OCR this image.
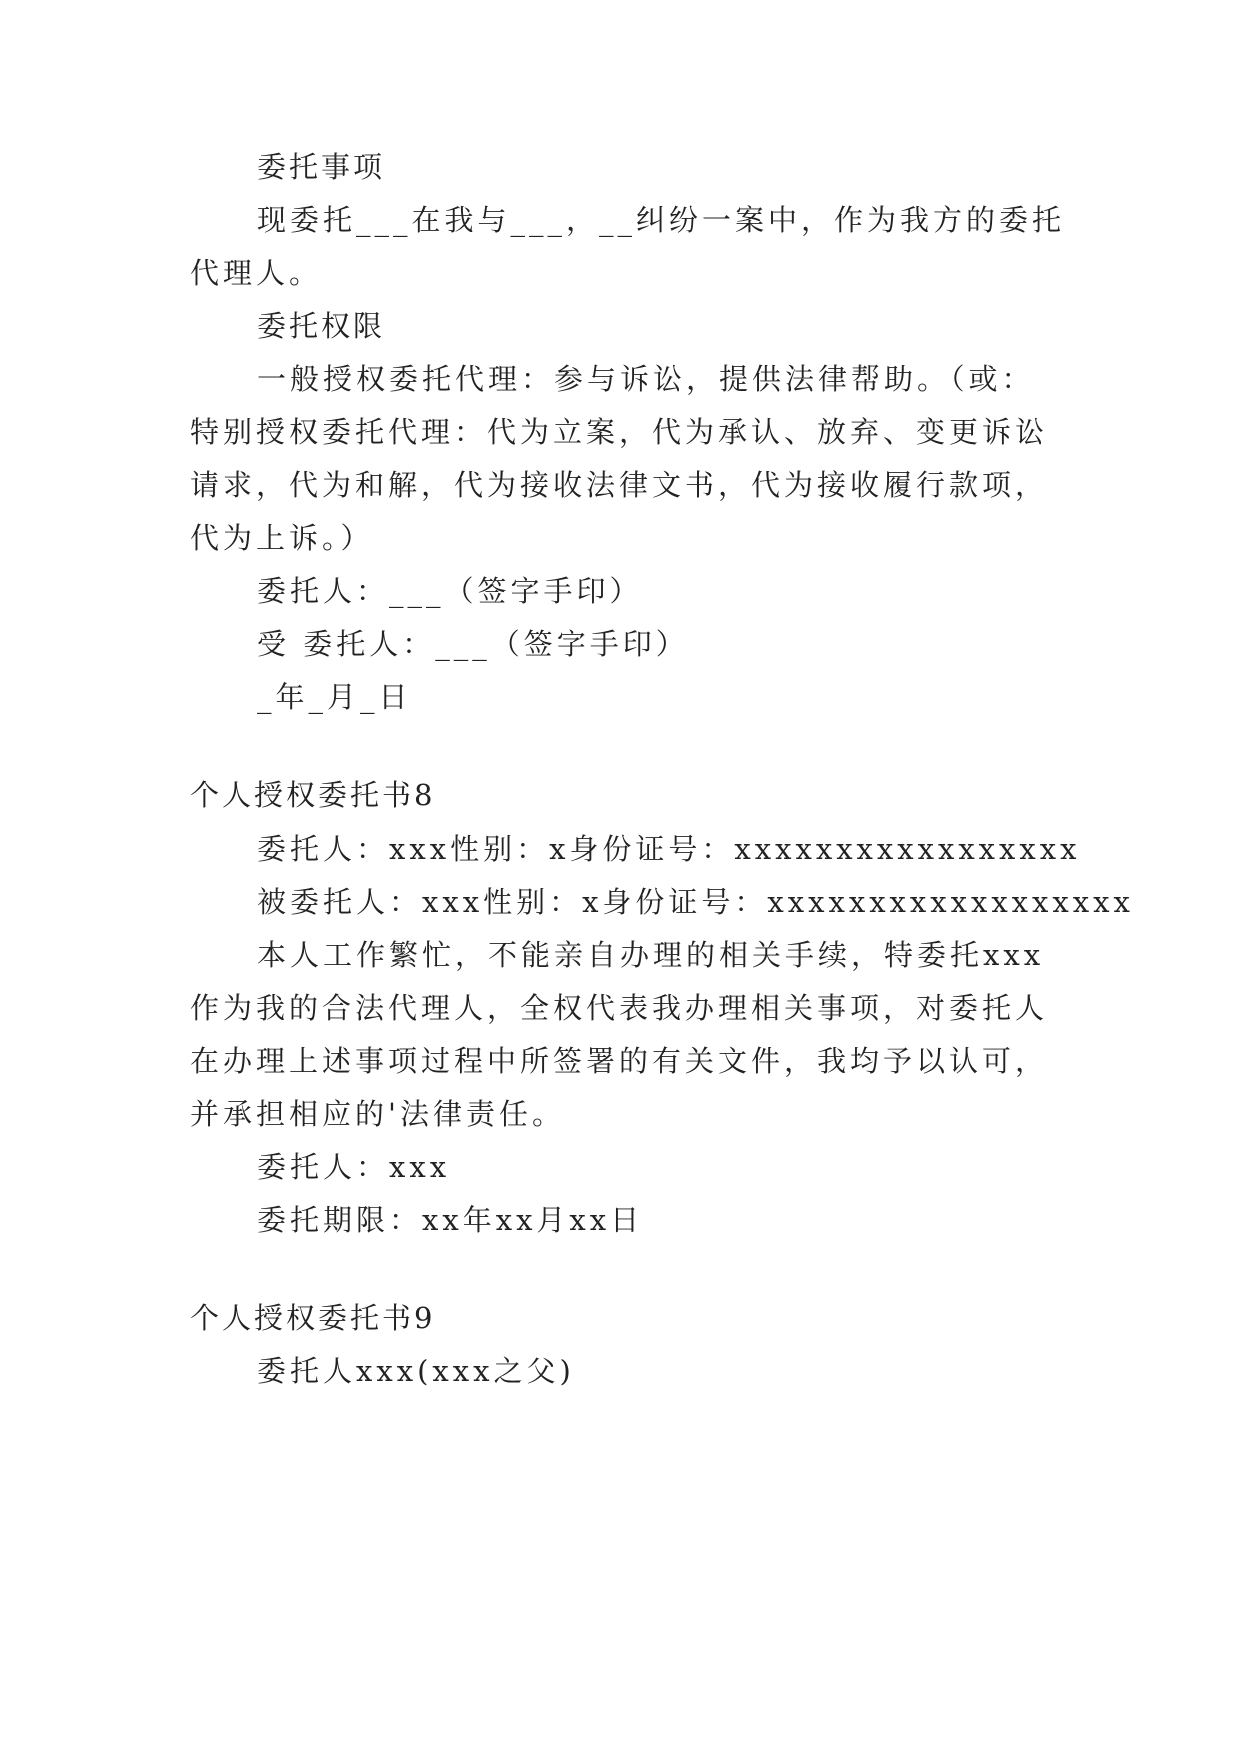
委托事项
现委托___在我与___，__纠纷一案中，作为我方的委托
代理人。
委托权限
一般授权委托代理：参与诉讼，提供法律帮助。（或：
特别授权委托代理：代为立案，代为承认、放弃、变更诉讼
请求，代为和解，代为接收法律文书，代为接收履行款项，
代为上诉。）
委托人：___（签字手印）
受 委托人：___（签字手印）
_年_月_日
个人授权委托书8
委托人：xxx性别：x身份证号：xxxxxxxxxxxxxxxxx
被委托人：xxx性别：x身份证号：xxxxxxxxxxxxxxxxxx
本人工作繁忙，不能亲自办理的相关手续，特委托xxx
作为我的合法代理人，全权代表我办理相关事项，对委托人
在办理上述事项过程中所签署的有关文件，我均予以认可，
并承担相应的'法律责任。
委托人：xxx
委托期限：xx年xx月xx日
个人授权委托书9
委托人xxx(xxx之父)
